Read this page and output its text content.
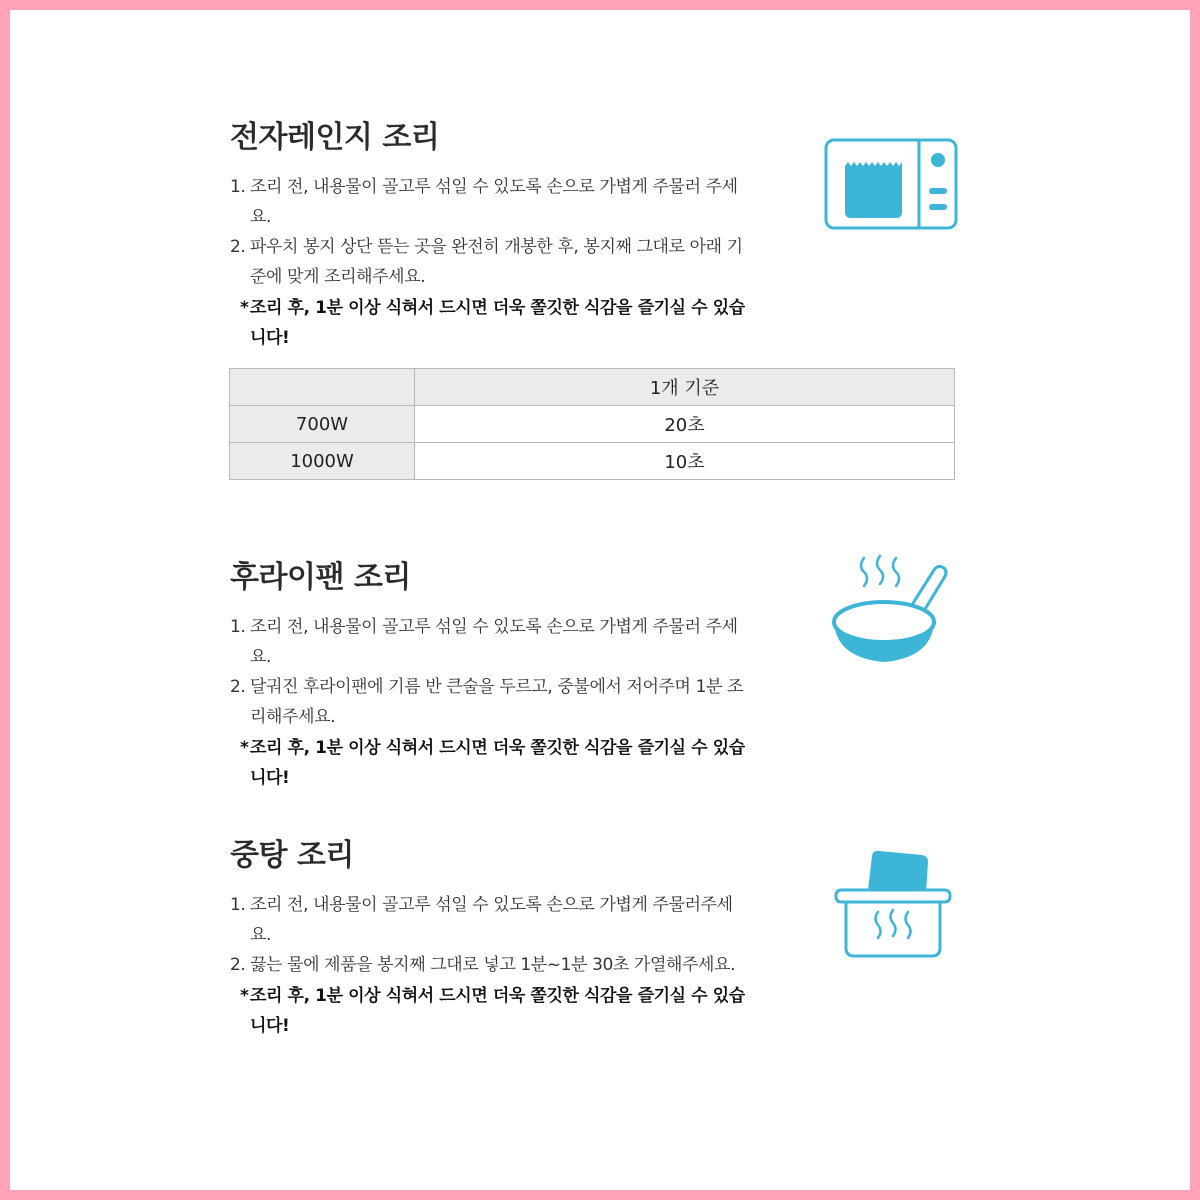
전자레인지 조리
1. 조리 전, 내용물이 골고루 섞일 수 있도록 손으로 가볍게 주물러 주세요.
2. 파우치 봉지 상단 뜯는 곳을 완전히 개봉한 후, 봉지째 그대로 아래 기준에 맞게 조리해주세요.
* 조리 후, 1분 이상 식혀서 드시면 더욱 쫄깃한 식감을 즐기실 수 있습니다!
	1개 기준
700W	20초
1000W	10초
후라이팬 조리
1. 조리 전, 내용물이 골고루 섞일 수 있도록 손으로 가볍게 주물러 주세요.
2. 달궈진 후라이팬에 기름 반 큰술을 두르고, 중불에서 저어주며 1분 조리해주세요.
* 조리 후, 1분 이상 식혀서 드시면 더욱 쫄깃한 식감을 즐기실 수 있습니다!
중탕 조리
1. 조리 전, 내용물이 골고루 섞일 수 있도록 손으로 가볍게 주물러주세요.
2. 끓는 물에 제품을 봉지째 그대로 넣고 1분~1분 30초 가열해주세요.
* 조리 후, 1분 이상 식혀서 드시면 더욱 쫄깃한 식감을 즐기실 수 있습니다!
